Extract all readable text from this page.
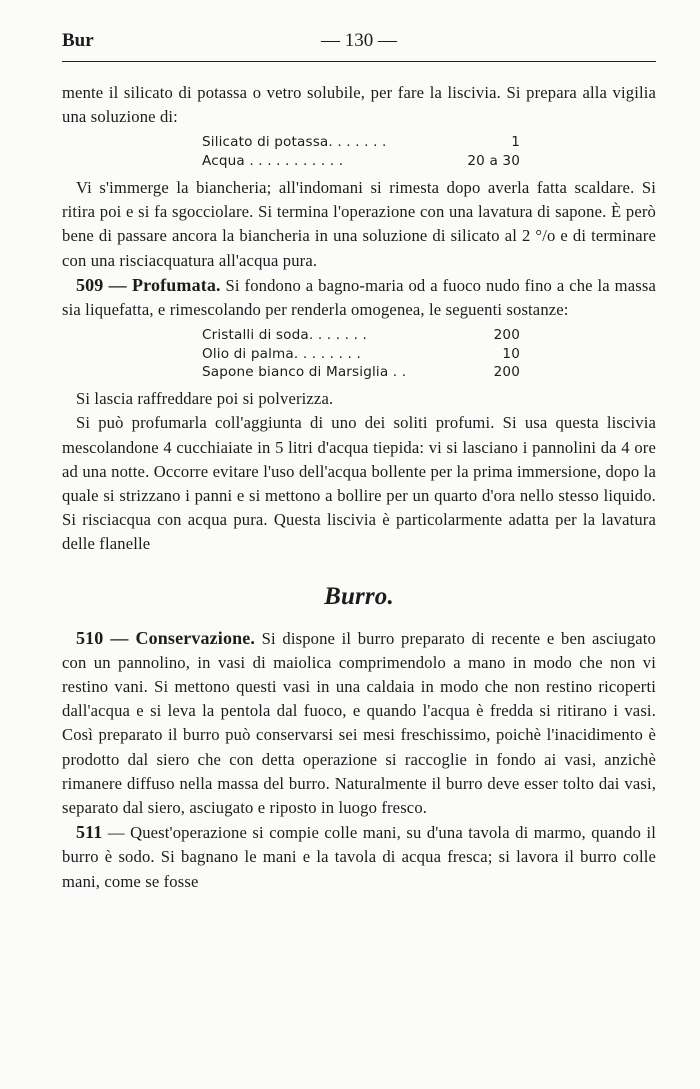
Bur	— 130 —

mente il silicato di potassa o vetro solubile, per fare la liscivia. Si prepara alla vigilia una soluzione di:

Silicato di potassa. . . . . . .	1
Acqua . . . . . . . . . . .	20 a 30

Vi s'immerge la biancheria; all'indomani si rimesta dopo averla fatta scaldare. Si ritira poi e si fa sgocciolare. Si termina l'operazione con una lavatura di sapone. È però bene di passare ancora la biancheria in una soluzione di silicato al 2 °/o e di terminare con una risciacquatura all'acqua pura.

509 — Profumata. Si fondono a bagno-maria od a fuoco nudo fino a che la massa sia liquefatta, e rimescolando per renderla omogenea, le seguenti sostanze:

Cristalli di soda. . . . . . .	200
Olio di palma. . . . . . . .	10
Sapone bianco di Marsiglia . .	200

Si lascia raffreddare poi si polverizza.

Si può profumarla coll'aggiunta di uno dei soliti profumi. Si usa questa liscivia mescolandone 4 cucchiaiate in 5 litri d'acqua tiepida: vi si lasciano i pannolini da 4 ore ad una notte. Occorre evitare l'uso dell'acqua bollente per la prima immersione, dopo la quale si strizzano i panni e si mettono a bollire per un quarto d'ora nello stesso liquido. Si risciacqua con acqua pura. Questa liscivia è particolarmente adatta per la lavatura delle flanelle

Burro.

510 — Conservazione. Si dispone il burro preparato di recente e ben asciugato con un pannolino, in vasi di maiolica comprimendolo a mano in modo che non vi restino vani. Si mettono questi vasi in una caldaia in modo che non restino ricoperti dall'acqua e si leva la pentola dal fuoco, e quando l'acqua è fredda si ritirano i vasi. Così preparato il burro può conservarsi sei mesi freschissimo, poichè l'inacidimento è prodotto dal siero che con detta operazione si raccoglie in fondo ai vasi, anzichè rimanere diffuso nella massa del burro. Naturalmente il burro deve esser tolto dai vasi, separato dal siero, asciugato e riposto in luogo fresco.

511 — Quest'operazione si compie colle mani, su d'una tavola di marmo, quando il burro è sodo. Si bagnano le mani e la tavola di acqua fresca; si lavora il burro colle mani, come se fosse
